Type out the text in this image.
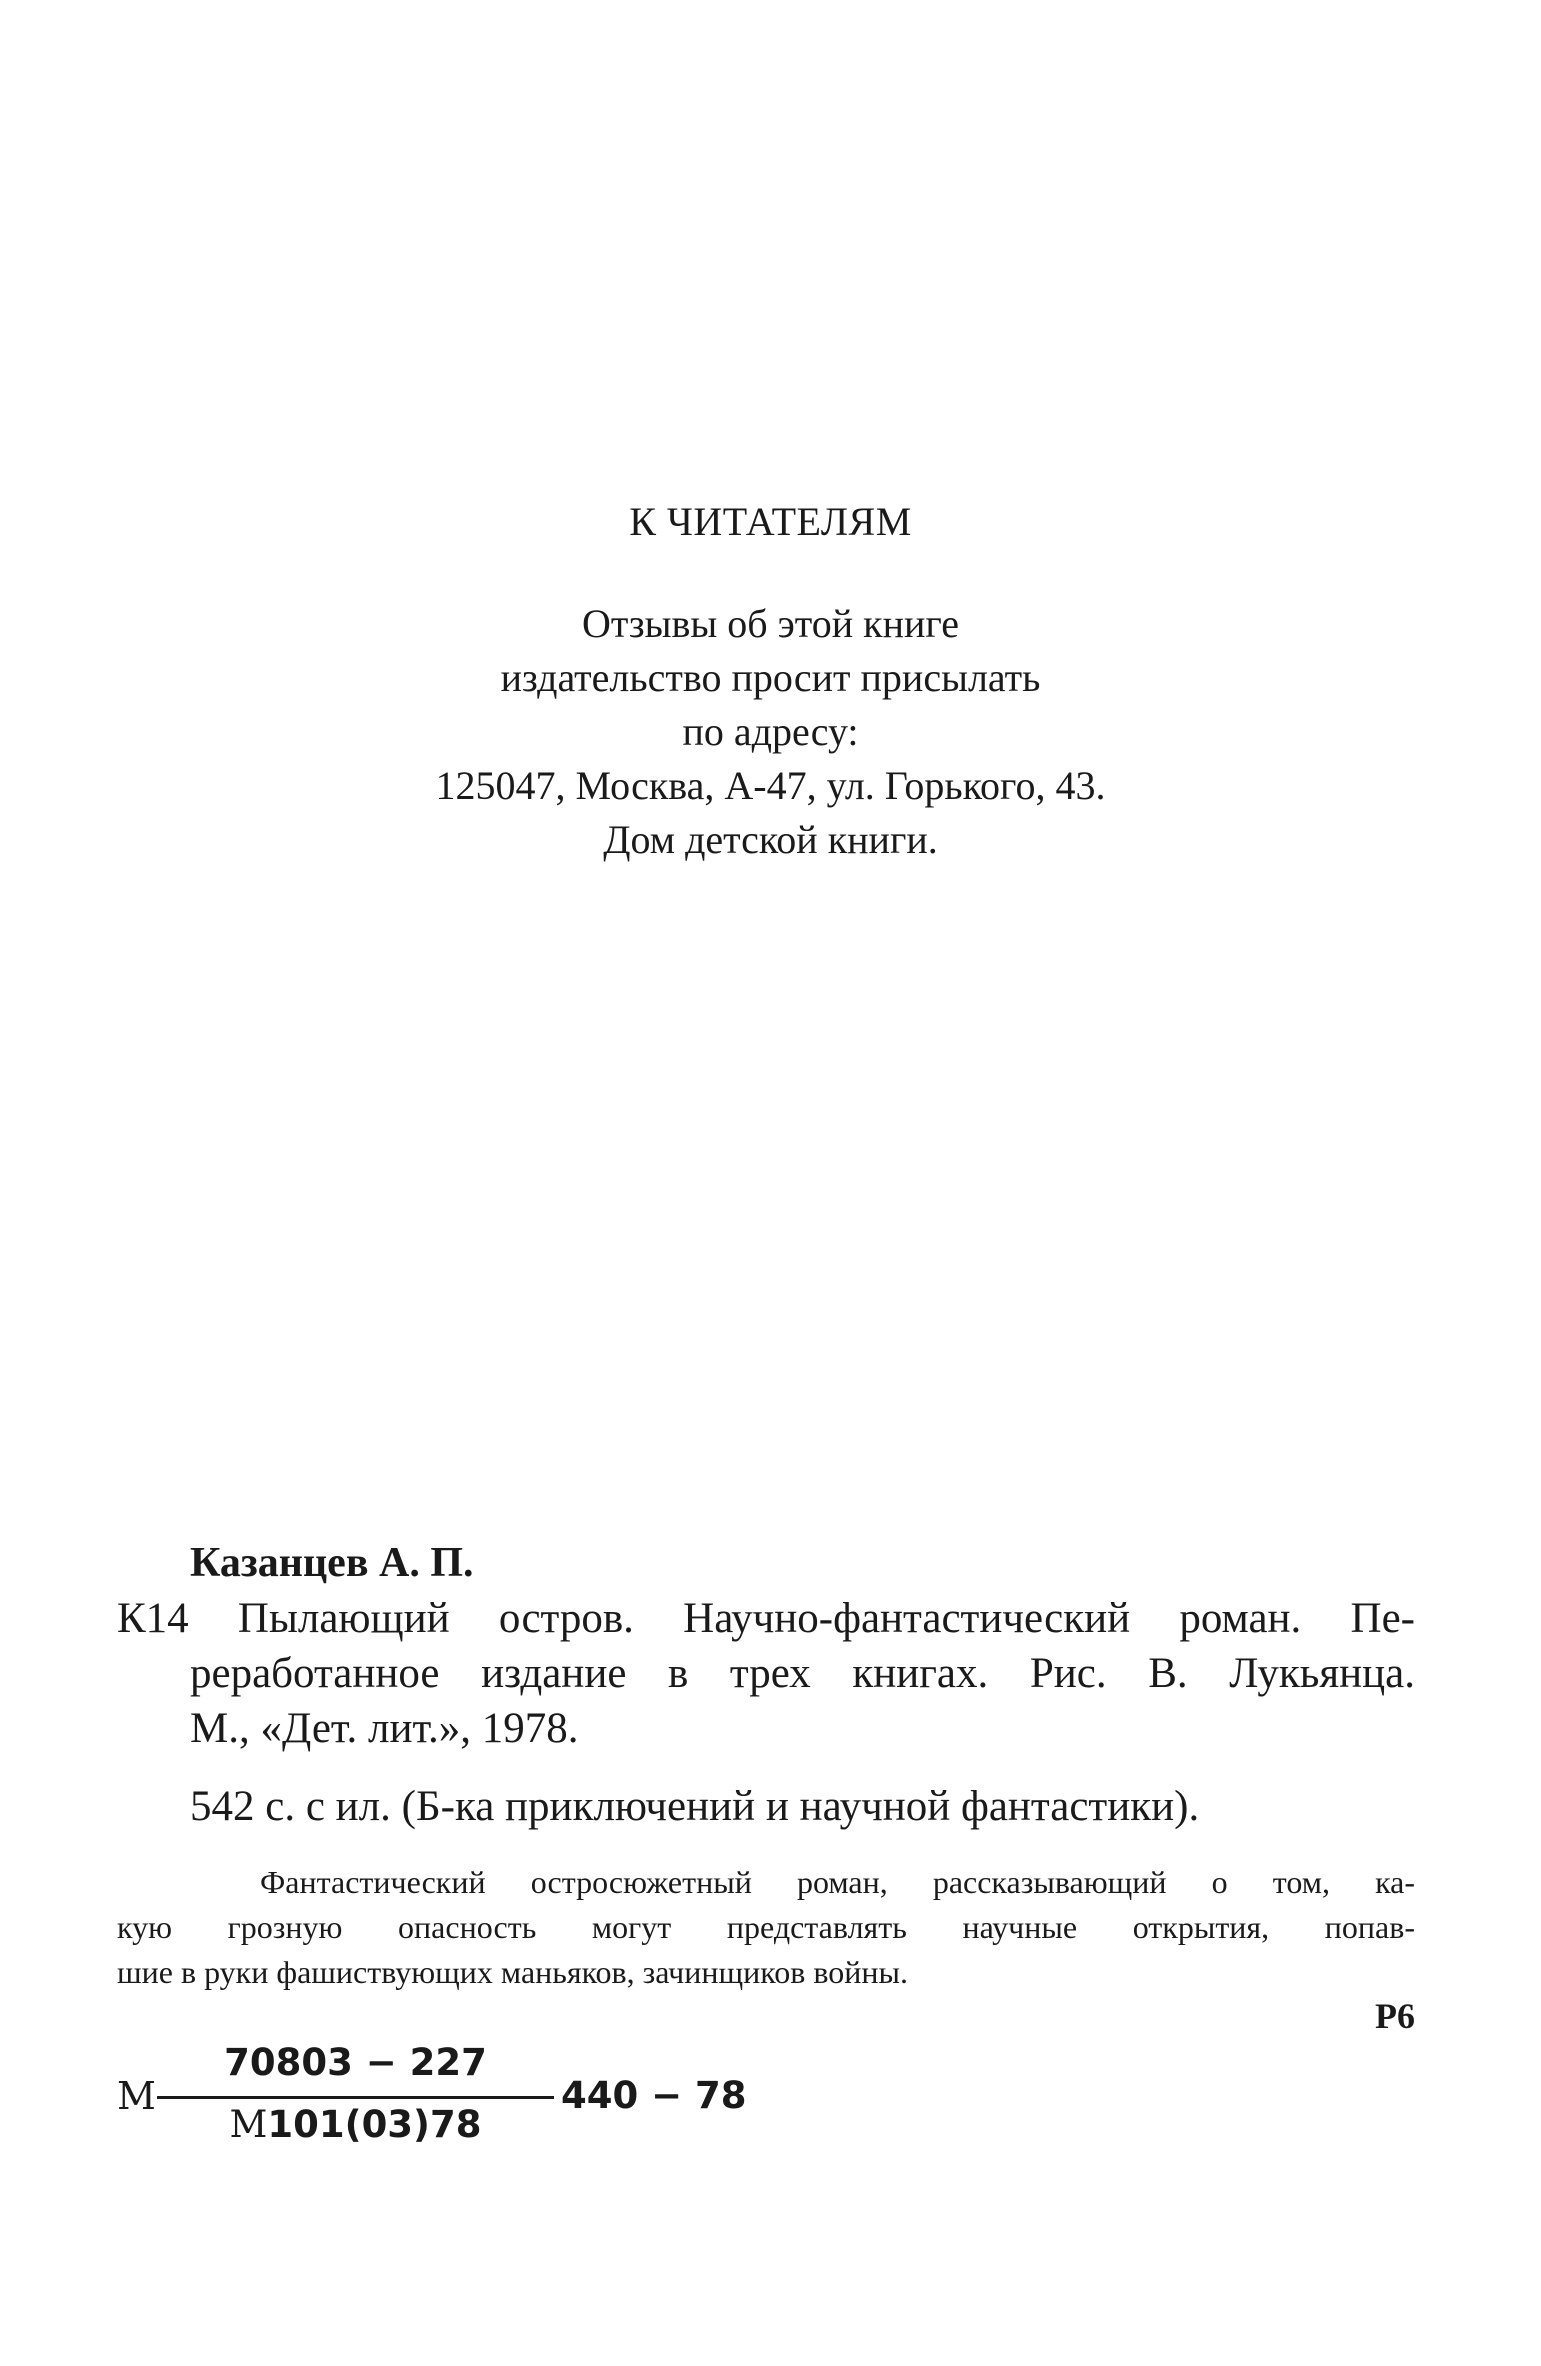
К ЧИТАТЕЛЯМ
Отзывы об этой книге
издательство просит присылать
по адресу:
125047, Москва, А-47, ул. Горького, 43.
Дом детской книги.
Казанцев А. П.
К14 Пылающий остров. Научно-фантастический роман. Пе-
реработанное издание в трех книгах. Рис. В. Лукьянца.
М., «Дет. лит.», 1978.
542 с. с ил. (Б-ка приключений и научной фантастики).
Фантастический остросюжетный роман, рассказывающий о том, ка-
кую грозную опасность могут представлять научные открытия, попав-
шие в руки фашиствующих маньяков, зачинщиков войны.
Р6
М
70803 − 227
М101(03)78
440 − 78
